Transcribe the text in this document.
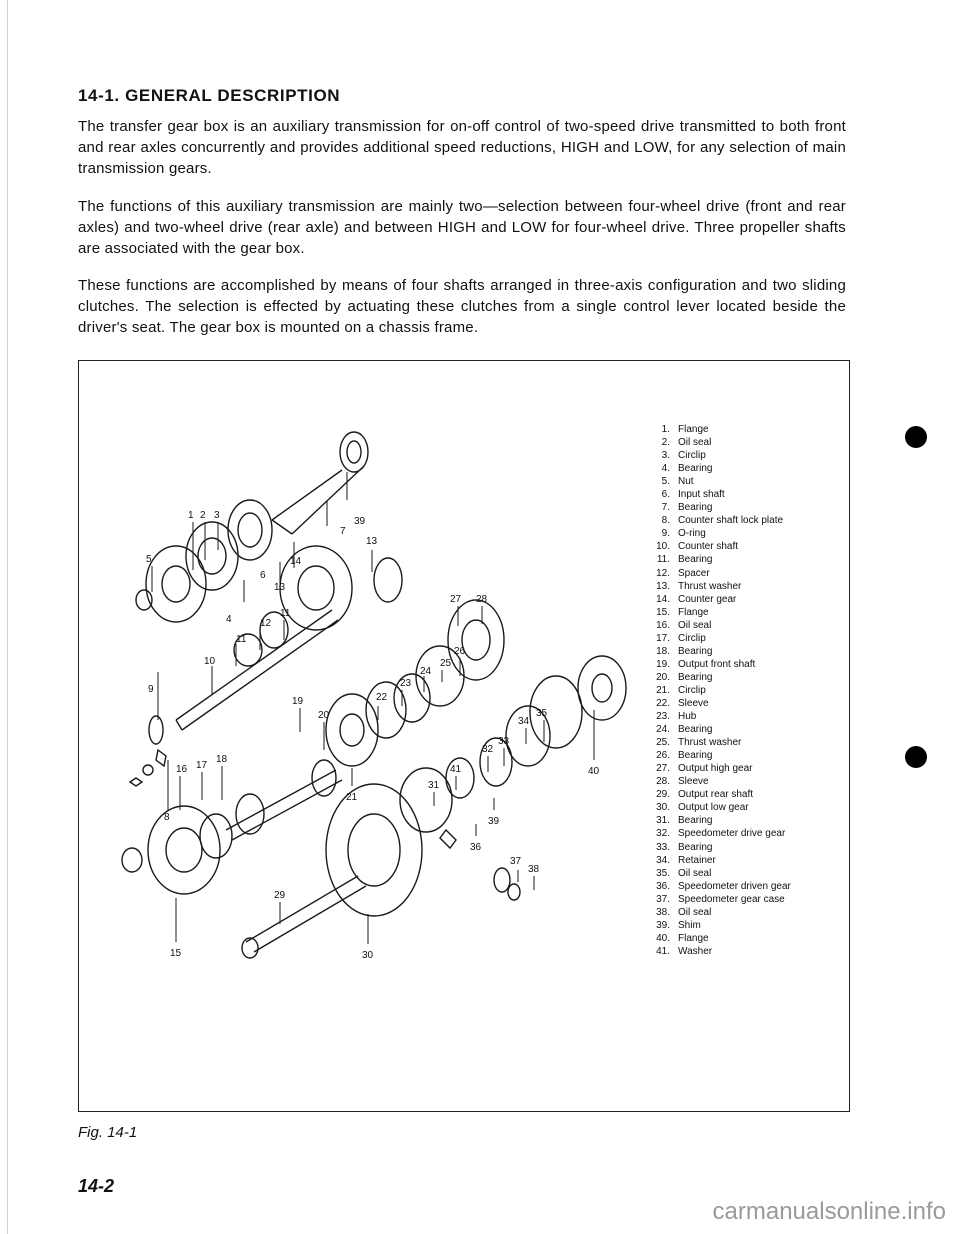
14-1. GENERAL DESCRIPTION

The transfer gear box is an auxiliary transmission for on-off control of two-speed drive transmitted to both front and rear axles concurrently and provides additional speed reductions, HIGH and LOW, for any selection of main transmission gears.

The functions of this auxiliary transmission are mainly two—selection between four-wheel drive (front and rear axles) and two-wheel drive (rear axle) and between HIGH and LOW for four-wheel drive. Three propeller shafts are associated with the gear box.

These functions are accomplished by means of four shafts arranged in three-axis configuration and two sliding clutches. The selection is effected by actuating these clutches from a single control lever located beside the driver's seat. The gear box is mounted on a chassis frame.

1 2 3
39
7
13
14
6
5
4
13
11
12
11
10
9
27 28
26
25
24
23
22
20
19
35
34
33
32
41
31
18
17
16
8
21
40
39
36
37
38
29
15	30
1. Flange
2. Oil seal
3. Circlip
4. Bearing
5. Nut
6. Input shaft
7. Bearing
8. Counter shaft lock plate
9. O-ring
10. Counter shaft
11. Bearing
12. Spacer
13. Thrust washer
14. Counter gear
15. Flange
16. Oil seal
17. Circlip
18. Bearing
19. Output front shaft
20. Bearing
21. Circlip
22. Sleeve
23. Hub
24. Bearing
25. Thrust washer
26. Bearing
27. Output high gear
28. Sleeve
29. Output rear shaft
30. Output low gear
31. Bearing
32. Speedometer drive gear
33. Bearing
34. Retainer
35. Oil seal
36. Speedometer driven gear
37. Speedometer gear case
38. Oil seal
39. Shim
40. Flange
41. Washer
Fig. 14-1
14-2
carmanualsonline.info
